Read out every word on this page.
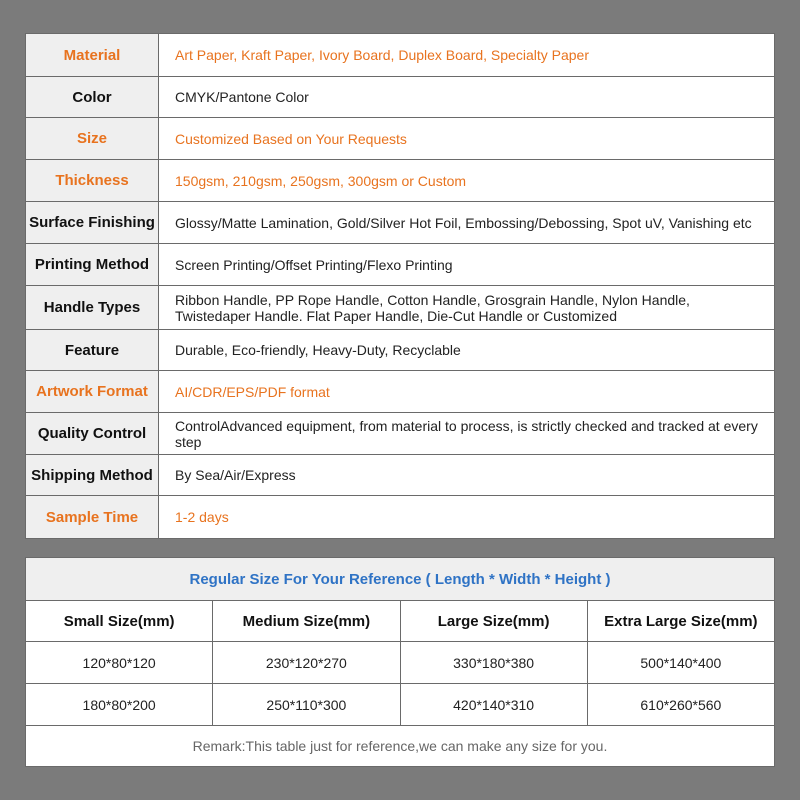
Material	Art Paper, Kraft Paper, Ivory Board, Duplex Board, Specialty Paper
Color	CMYK/Pantone Color
Size	Customized Based on Your Requests
Thickness	150gsm, 210gsm, 250gsm, 300gsm or Custom
Surface Finishing	Glossy/Matte Lamination, Gold/Silver Hot Foil, Embossing/Debossing, Spot uV, Vanishing etc
Printing Method	Screen Printing/Offset Printing/Flexo Printing
Handle Types	Ribbon Handle, PP Rope Handle, Cotton Handle, Grosgrain Handle, Nylon Handle, Twistedaper Handle. Flat Paper Handle, Die-Cut Handle or Customized
Feature	Durable, Eco-friendly, Heavy-Duty, Recyclable
Artwork Format	AI/CDR/EPS/PDF format
Quality Control	ControlAdvanced equipment, from material to process, is strictly checked and tracked at every step
Shipping Method	By Sea/Air/Express
Sample Time	1-2 days
Regular Size For Your Reference ( Length * Width * Height )			
Small Size(mm)	Medium Size(mm)	Large Size(mm)	Extra Large Size(mm)
120*80*120	230*120*270	330*180*380	500*140*400
180*80*200	250*110*300	420*140*310	610*260*560
Remark:This table just for reference,we can make any size for you.			
